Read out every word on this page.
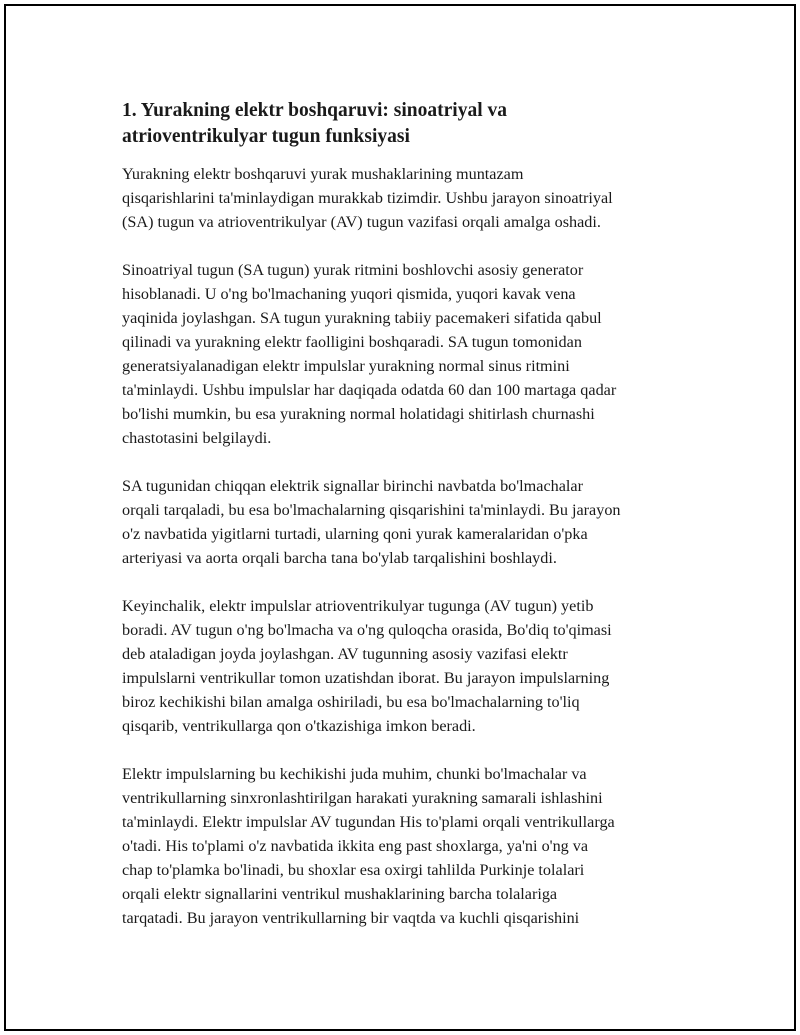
1. Yurakning elektr boshqaruvi: sinoatriyal va
atrioventrikulyar tugun funksiyasi

Yurakning elektr boshqaruvi yurak mushaklarining muntazam
qisqarishlarini ta'minlaydigan murakkab tizimdir. Ushbu jarayon sinoatriyal
(SA) tugun va atrioventrikulyar (AV) tugun vazifasi orqali amalga oshadi.

Sinoatriyal tugun (SA tugun) yurak ritmini boshlovchi asosiy generator
hisoblanadi. U o'ng bo'lmachaning yuqori qismida, yuqori kavak vena
yaqinida joylashgan. SA tugun yurakning tabiiy pacemakeri sifatida qabul
qilinadi va yurakning elektr faolligini boshqaradi. SA tugun tomonidan
generatsiyalanadigan elektr impulslar yurakning normal sinus ritmini
ta'minlaydi. Ushbu impulslar har daqiqada odatda 60 dan 100 martaga qadar
bo'lishi mumkin, bu esa yurakning normal holatidagi shitirlash churnashi
chastotasini belgilaydi.

SA tugunidan chiqqan elektrik signallar birinchi navbatda bo'lmachalar
orqali tarqaladi, bu esa bo'lmachalarning qisqarishini ta'minlaydi. Bu jarayon
o'z navbatida yigitlarni turtadi, ularning qoni yurak kameralaridan o'pka
arteriyasi va aorta orqali barcha tana bo'ylab tarqalishini boshlaydi.

Keyinchalik, elektr impulslar atrioventrikulyar tugunga (AV tugun) yetib
boradi. AV tugun o'ng bo'lmacha va o'ng quloqcha orasida, Bo'diq to'qimasi
deb ataladigan joyda joylashgan. AV tugunning asosiy vazifasi elektr
impulslarni ventrikullar tomon uzatishdan iborat. Bu jarayon impulslarning
biroz kechikishi bilan amalga oshiriladi, bu esa bo'lmachalarning to'liq
qisqarib, ventrikullarga qon o'tkazishiga imkon beradi.

Elektr impulslarning bu kechikishi juda muhim, chunki bo'lmachalar va
ventrikullarning sinxronlashtirilgan harakati yurakning samarali ishlashini
ta'minlaydi. Elektr impulslar AV tugundan His to'plami orqali ventrikullarga
o'tadi. His to'plami o'z navbatida ikkita eng past shoxlarga, ya'ni o'ng va
chap to'plamka bo'linadi, bu shoxlar esa oxirgi tahlilda Purkinje tolalari
orqali elektr signallarini ventrikul mushaklarining barcha tolalariga
tarqatadi. Bu jarayon ventrikullarning bir vaqtda va kuchli qisqarishini
